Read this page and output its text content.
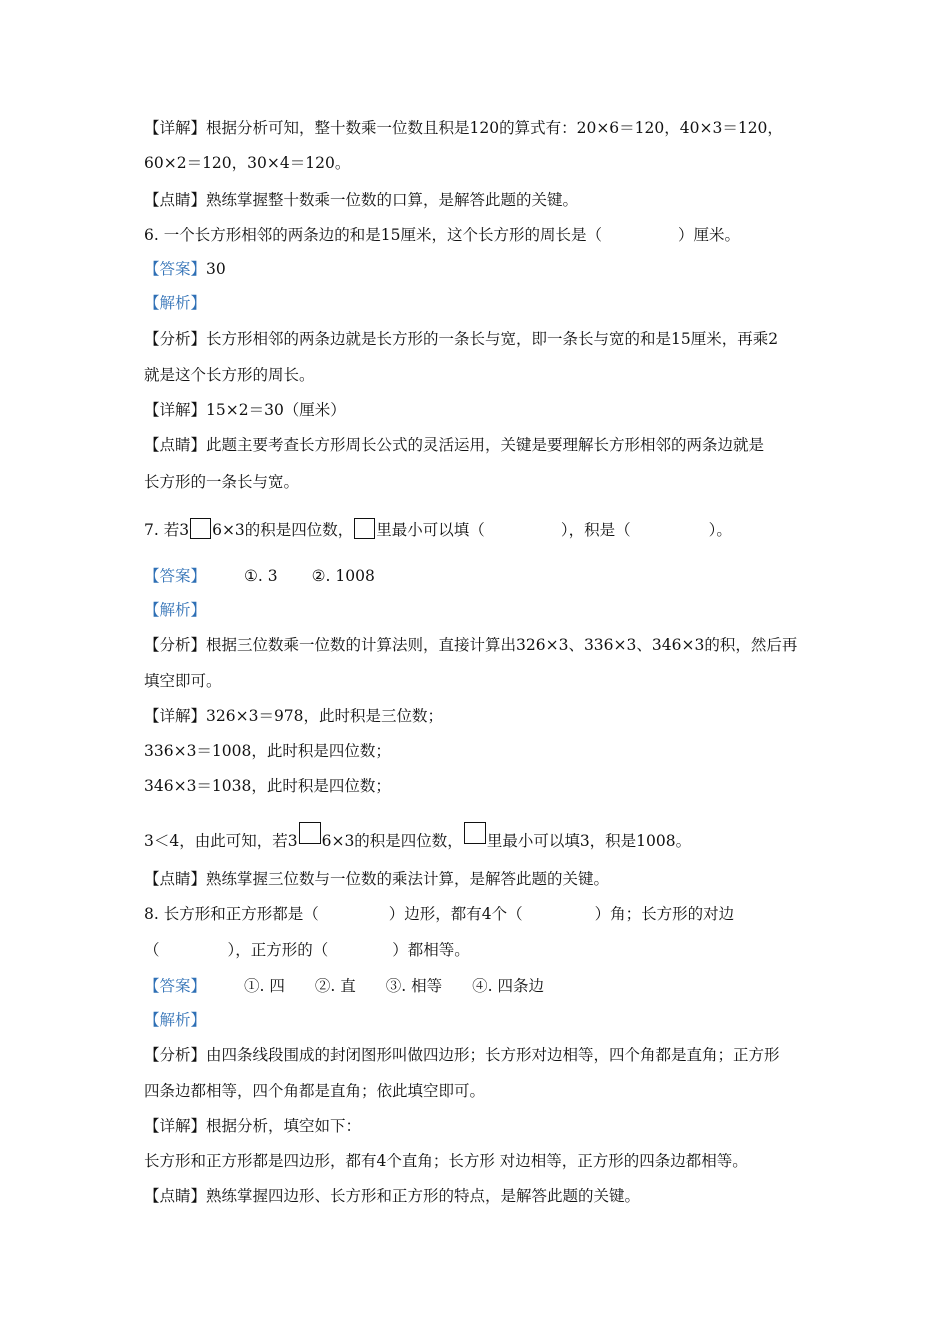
【详解】根据分析可知，整十数乘一位数且积是120的算式有：20×6＝120，40×3＝120，
60×2＝120，30×4＝120。
【点睛】熟练掌握整十数乘一位数的口算，是解答此题的关键。
6. 一个长方形相邻的两条边的和是15厘米，这个长方形的周长是（	）厘米。
【答案】30
【解析】
【分析】长方形相邻的两条边就是长方形的一条长与宽，即一条长与宽的和是15厘米，再乘2
就是这个长方形的周长。
【详解】15×2＝30（厘米）
【点睛】此题主要考查长方形周长公式的灵活运用，关键是要理解长方形相邻的两条边就是
长方形的一条长与宽。
7. 若3 6×3的积是四位数， 里最小可以填（	），积是（	）。
【答案】 ①. 3 ②. 1008
【解析】
【分析】根据三位数乘一位数的计算法则，直接计算出326×3、336×3、346×3的积，然后再
填空即可。
【详解】326×3＝978，此时积是三位数；
336×3＝1008，此时积是四位数；
346×3＝1038，此时积是四位数；
3＜4，由此可知，若3 6×3的积是四位数， 里最小可以填3，积是1008。
【点睛】熟练掌握三位数与一位数的乘法计算，是解答此题的关键。
8. 长方形和正方形都是（	）边形，都有4个（	）角；长方形的对边
（	），正方形的（	）都相等。
【答案】 ①. 四 ②. 直 ③. 相等 ④. 四条边
【解析】
【分析】由四条线段围成的封闭图形叫做四边形；长方形对边相等，四个角都是直角；正方形
四条边都相等，四个角都是直角；依此填空即可。
【详解】根据分析，填空如下：
长方形和正方形都是四边形，都有4个直角；长方形 对边相等，正方形的四条边都相等。
【点睛】熟练掌握四边形、长方形和正方形的特点，是解答此题的关键。
